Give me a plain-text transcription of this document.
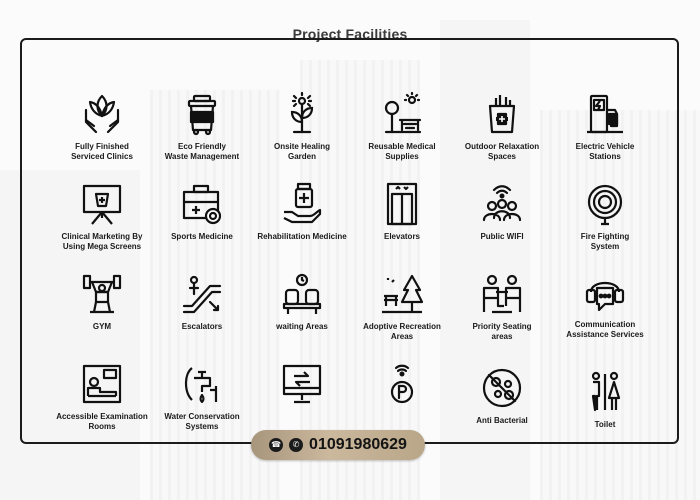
Project Facilities
Fully Finished
Serviced Clinics
Eco Friendly
Waste Management
Onsite Healing
Garden
Reusable Medical
Supplies
Outdoor Relaxation
Spaces
Electric Vehicle
Stations
Clinical Marketing By
Using Mega Screens
Sports Medicine	Rehabilitation Medicine	Elevators	Public WIFI	Fire Fighting
System
GYM	Escalators	waiting Areas	Adoptive Recreation
Areas
Priority Seating
areas
Communication
Assistance Services
Accessible Examination
Rooms
Water Conservation
Systems
Anti Bacterial	Toilet
☎	✆ 01091980629
